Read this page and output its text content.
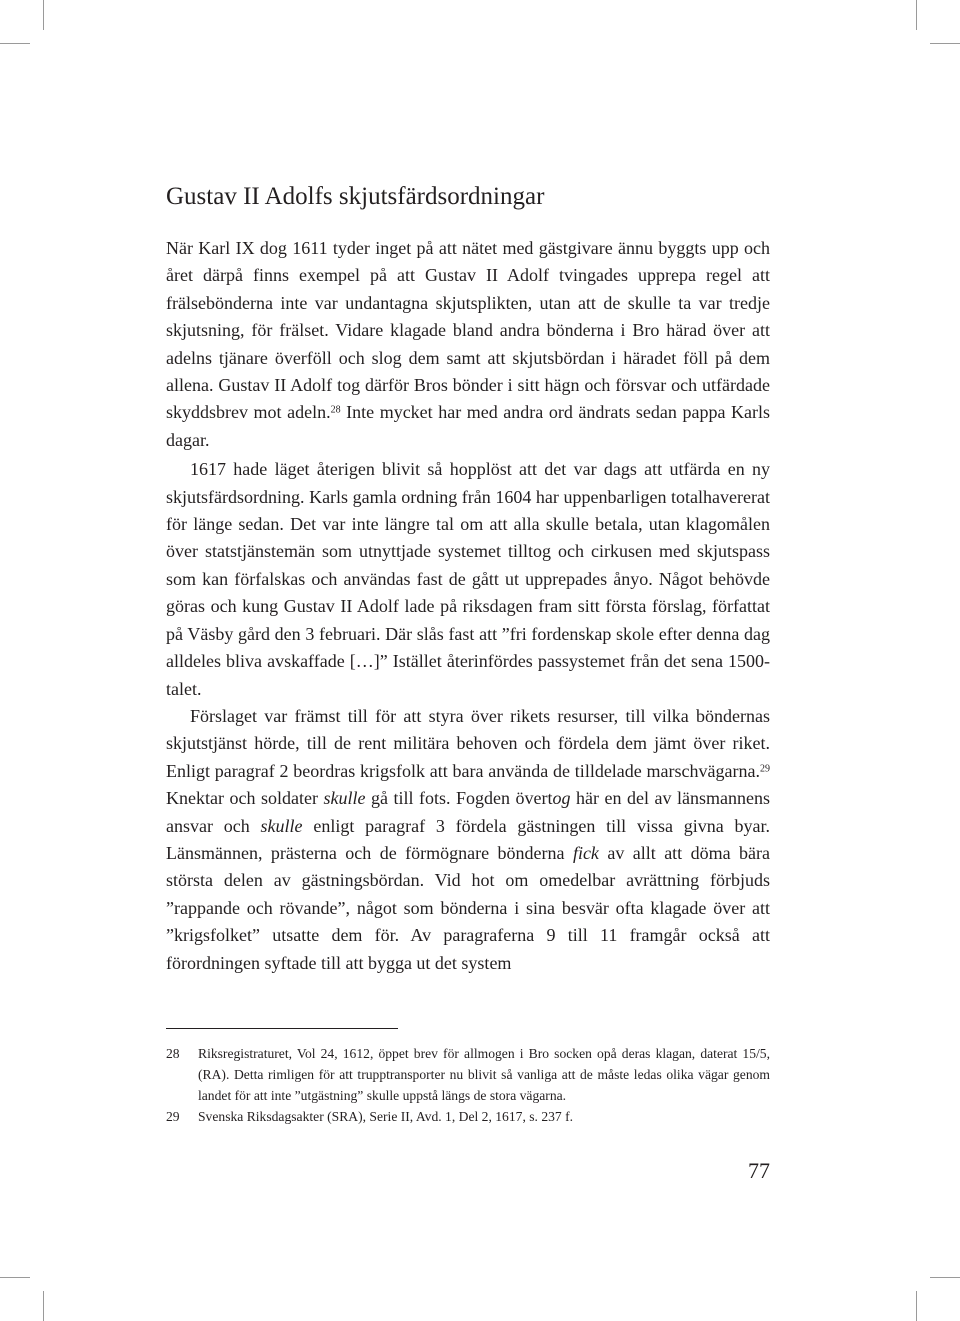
Gustav II Adolfs skjutsfärdsordningar

När Karl IX dog 1611 tyder inget på att nätet med gästgivare ännu byggts upp och året därpå finns exempel på att Gustav II Adolf tvingades upprepa regel att frälsebönderna inte var undantagna skjutsplikten, utan att de skulle ta var tredje skjutsning, för frälset. Vidare klagade bland andra bönderna i Bro härad över att adelns tjänare överföll och slog dem samt att skjutsbördan i häradet föll på dem allena. Gustav II Adolf tog därför Bros bönder i sitt hägn och försvar och utfärdade skyddsbrev mot adeln.$^{28}$ Inte mycket har med andra ord ändrats sedan pappa Karls dagar.

1617 hade läget återigen blivit så hopplöst att det var dags att utfärda en ny skjutsfärdsordning. Karls gamla ordning från 1604 har uppenbarligen totalhavererat för länge sedan. Det var inte längre tal om att alla skulle betala, utan klagomålen över statstjänstemän som utnyttjade systemet tilltog och cirkusen med skjutspass som kan förfalskas och användas fast de gått ut upprepades ånyo. Något behövde göras och kung Gustav II Adolf lade på riksdagen fram sitt första förslag, författat på Väsby gård den 3 februari. Där slås fast att ”fri fordenskap skole efter denna dag alldeles bliva avskaffade […]” Istället återinfördes passystemet från det sena 1500-talet.

Förslaget var främst till för att styra över rikets resurser, till vilka böndernas skjutstjänst hörde, till de rent militära behoven och fördela dem jämt över riket. Enligt paragraf 2 beordras krigsfolk att bara använda de tilldelade marschvägarna.$^{29}$ Knektar och soldater skulle gå till fots. Fogden övertog här en del av länsmannens ansvar och skulle enligt paragraf 3 fördela gästningen till vissa givna byar. Länsmännen, prästerna och de förmögnare bönderna fick av allt att döma bära största delen av gästningsbördan. Vid hot om omedelbar avrättning förbjuds ”rappande och rövande”, något som bönderna i sina besvär ofta klagade över att ”krigsfolket” utsatte dem för. Av paragraferna 9 till 11 framgår också att förordningen syftade till att bygga ut det system

28 Riksregistraturet, Vol 24, 1612, öppet brev för allmogen i Bro socken opå deras klagan, daterat 15/5, (RA). Detta rimligen för att trupptransporter nu blivit så vanliga att de måste ledas olika vägar genom landet för att inte ”utgästning” skulle uppstå längs de stora vägarna.

29 Svenska Riksdagsakter (SRA), Serie II, Avd. 1, Del 2, 1617, s. 237 f.

77
